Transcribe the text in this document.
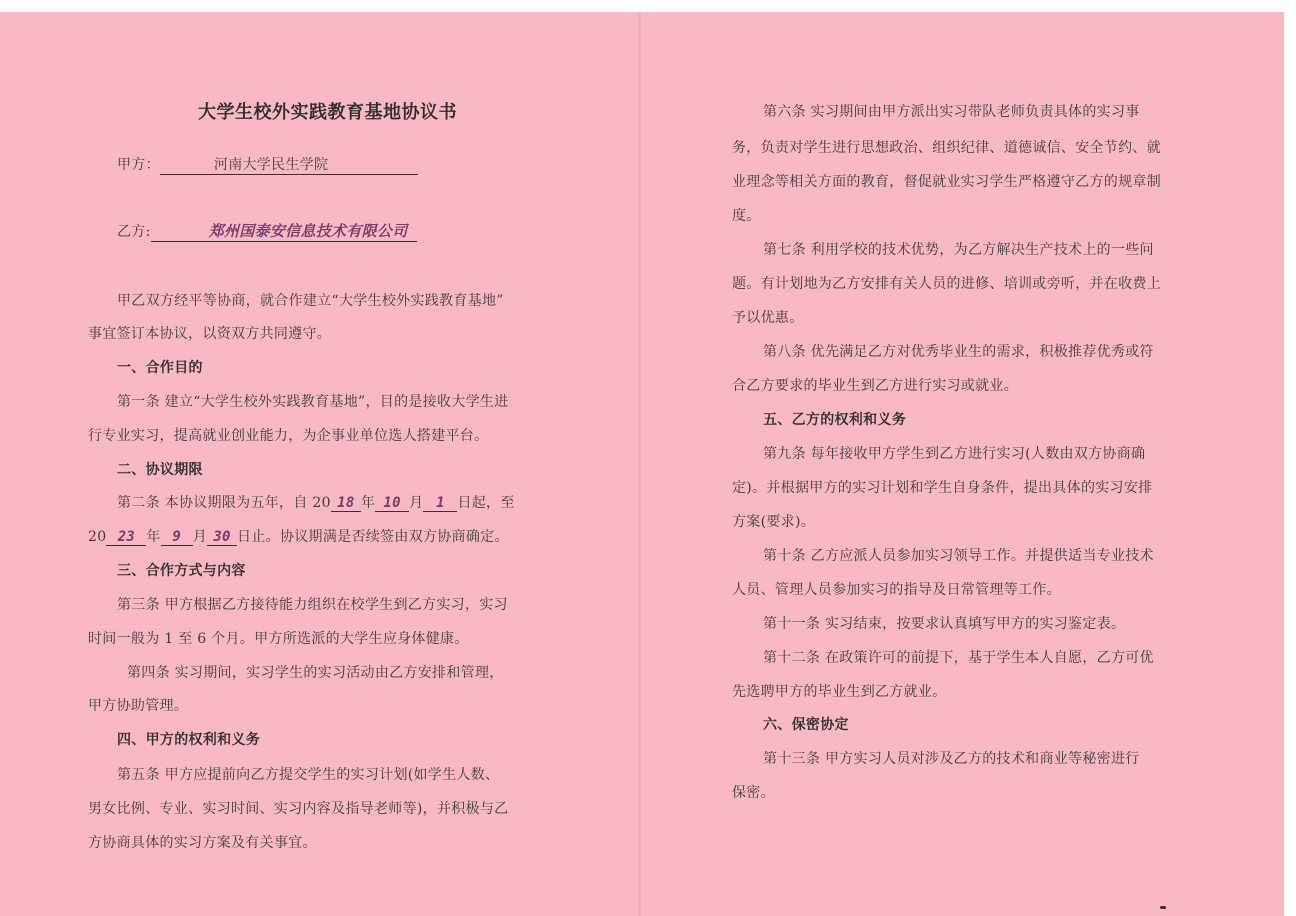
大学生校外实践教育基地协议书
甲方：	河南大学民生学院
乙方:	郑州国泰安信息技术有限公司
甲乙双方经平等协商，就合作建立“大学生校外实践教育基地”
事宜签订本协议，以资双方共同遵守。
一、合作目的
第一条 建立“大学生校外实践教育基地”，目的是接收大学生进
行专业实习，提高就业创业能力，为企事业单位选人搭建平台。
二、协议期限
第二条 本协议期限为五年，自 20 18 年 10 月 1 日起，至
20 23 年 9 月 30 日止。协议期满是否续签由双方协商确定。
三、合作方式与内容
第三条 甲方根据乙方接待能力组织在校学生到乙方实习，实习
时间一般为 1 至 6 个月。甲方所选派的大学生应身体健康。
第四条 实习期间，实习学生的实习活动由乙方安排和管理，
甲方协助管理。
四、甲方的权利和义务
第五条 甲方应提前向乙方提交学生的实习计划(如学生人数、
男女比例、专业、实习时间、实习内容及指导老师等)，并积极与乙
方协商具体的实习方案及有关事宜。
第六条 实习期间由甲方派出实习带队老师负责具体的实习事
务，负责对学生进行思想政治、组织纪律、道德诚信、安全节约、就
业理念等相关方面的教育，督促就业实习学生严格遵守乙方的规章制
度。
第七条 利用学校的技术优势，为乙方解决生产技术上的一些问
题。有计划地为乙方安排有关人员的进修、培训或旁听，并在收费上
予以优惠。
第八条 优先满足乙方对优秀毕业生的需求，积极推荐优秀或符
合乙方要求的毕业生到乙方进行实习或就业。
五、乙方的权利和义务
第九条 每年接收甲方学生到乙方进行实习(人数由双方协商确
定)。并根据甲方的实习计划和学生自身条件，提出具体的实习安排
方案(要求)。
第十条 乙方应派人员参加实习领导工作。并提供适当专业技术
人员、管理人员参加实习的指导及日常管理等工作。
第十一条 实习结束，按要求认真填写甲方的实习鉴定表。
第十二条 在政策许可的前提下，基于学生本人自愿，乙方可优
先选聘甲方的毕业生到乙方就业。
六、保密协定
第十三条 甲方实习人员对涉及乙方的技术和商业等秘密进行
保密。
